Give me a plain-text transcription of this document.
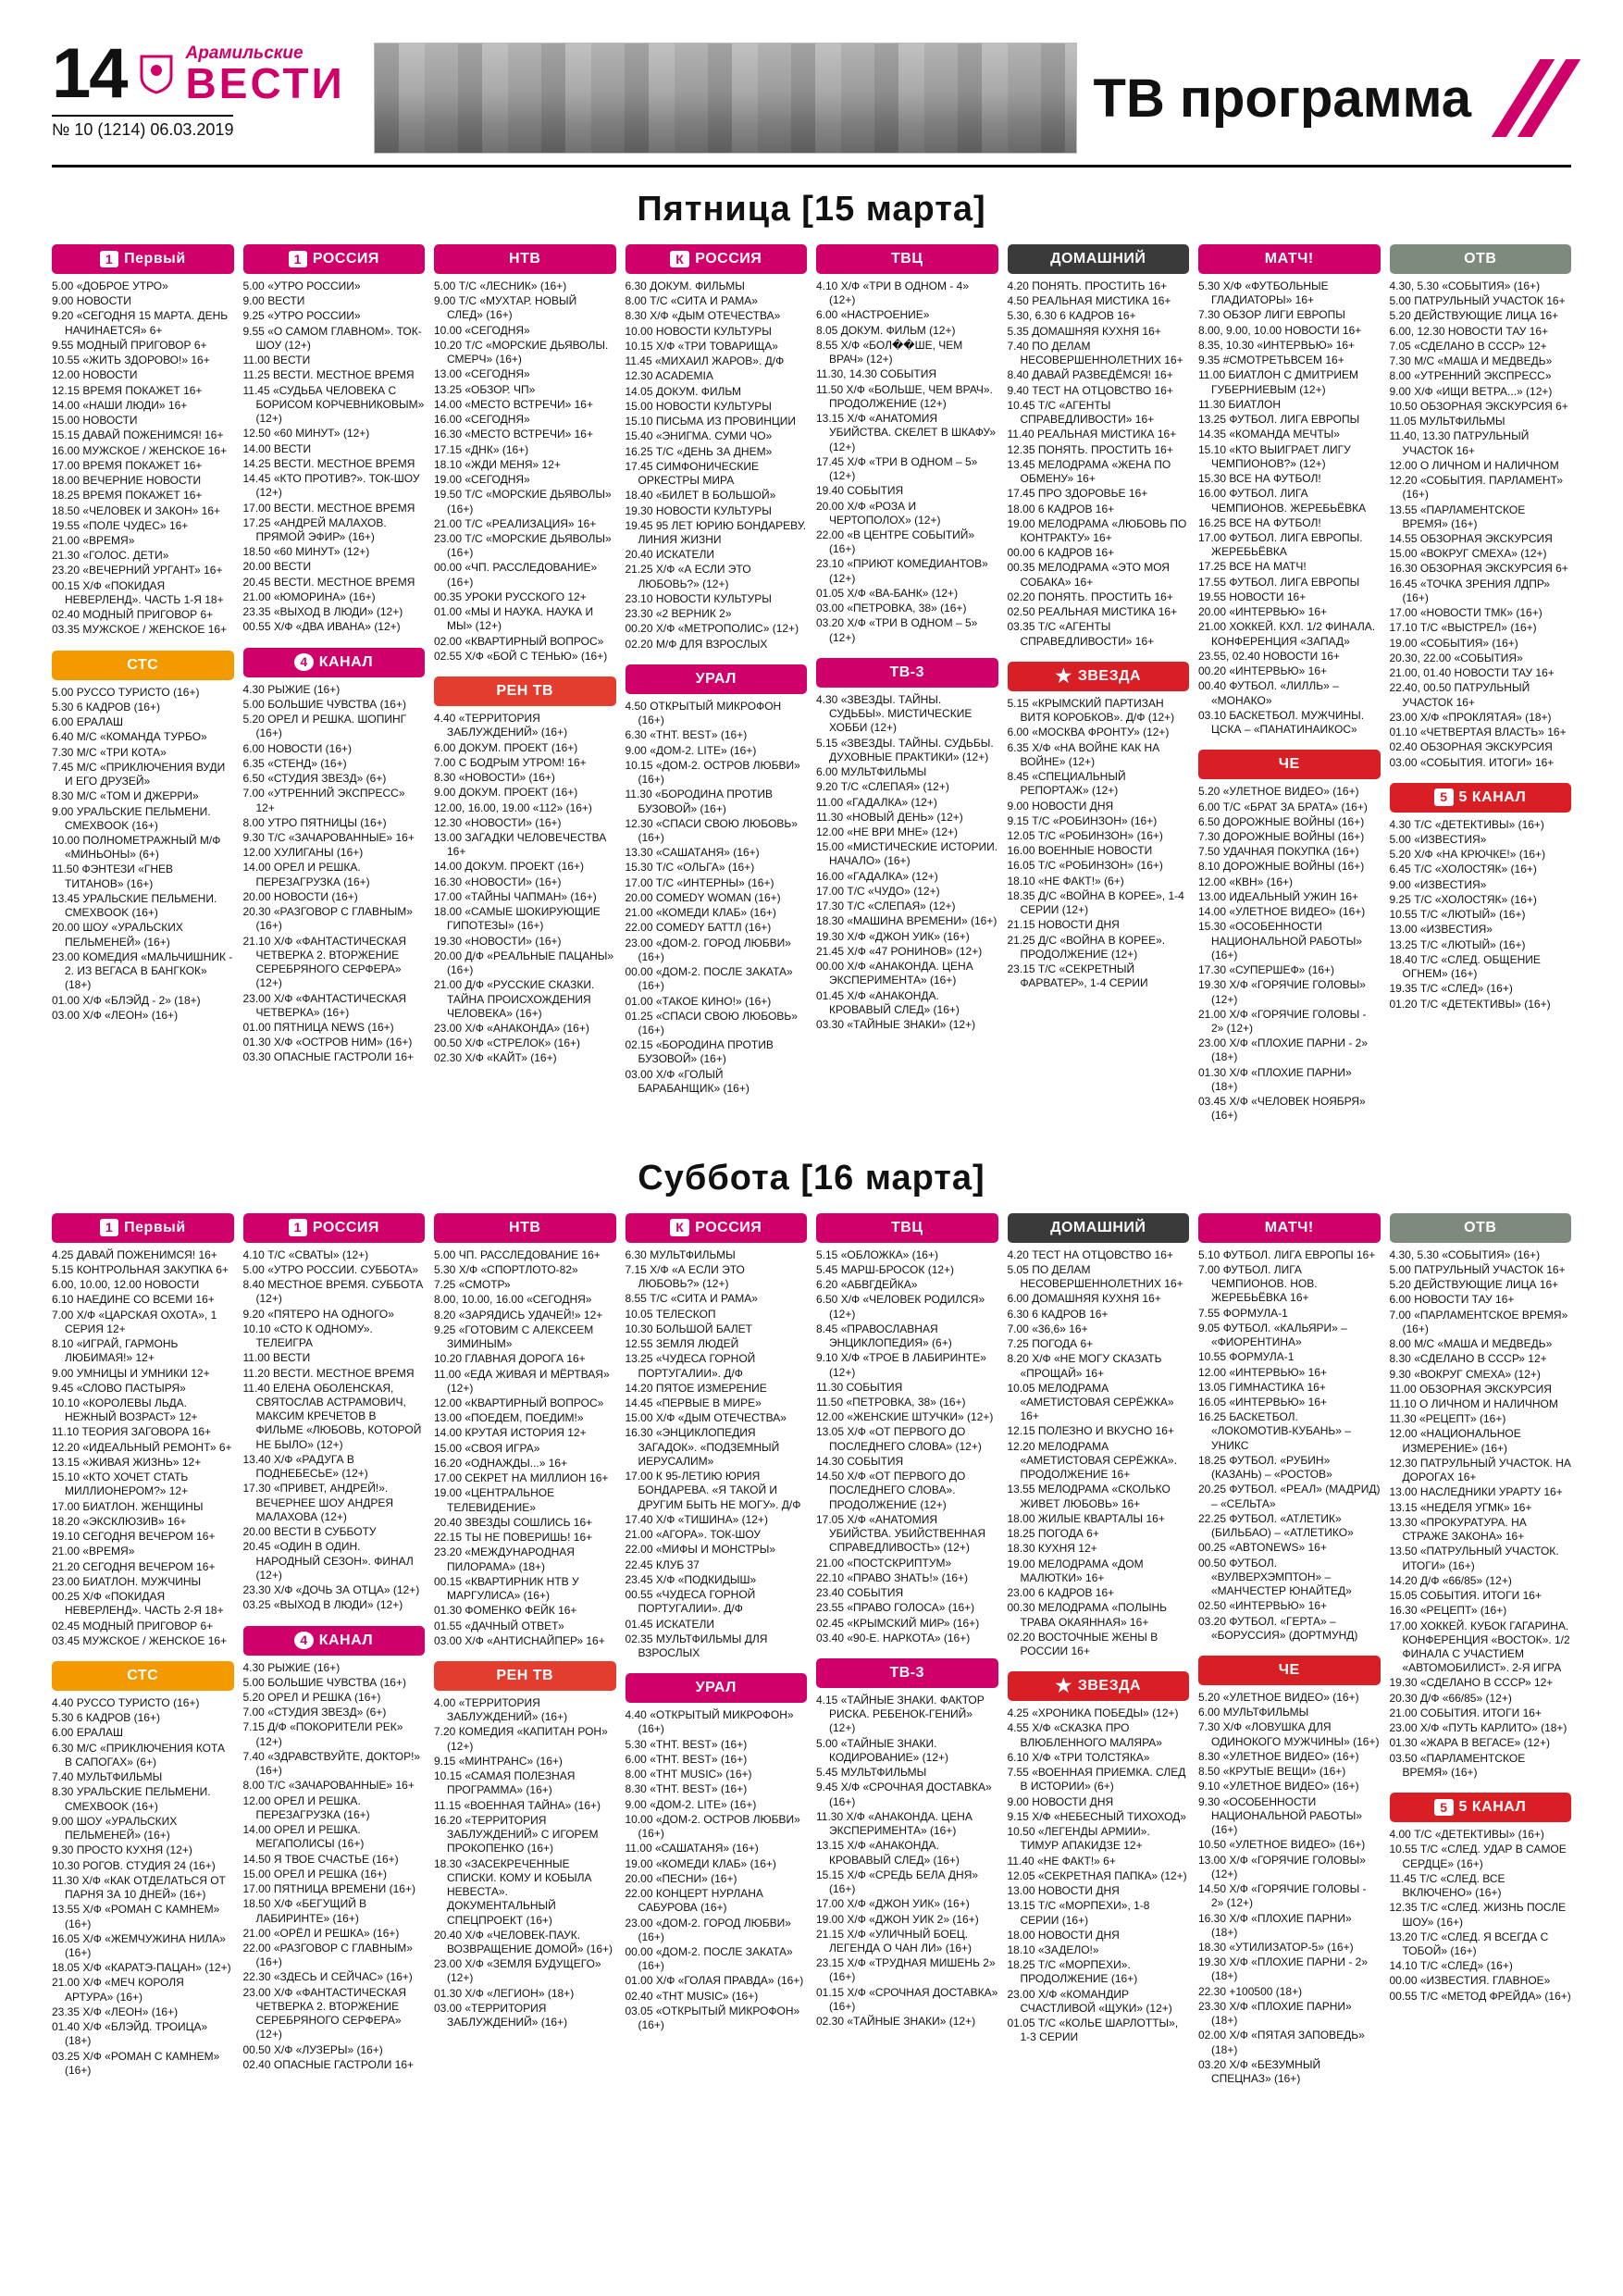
14	Арамильские
ВЕСТИ
№ 10 (1214) 06.03.2019
ТВ программа
Пятница [15 марта]
1 Первый
5.00 «ДОБРОЕ УТРО»
9.00 НОВОСТИ
9.20 «СЕГОДНЯ 15 МАРТА. ДЕНЬ НАЧИНАЕТСЯ» 6+
9.55 МОДНЫЙ ПРИГОВОР 6+
10.55 «ЖИТЬ ЗДОРОВО!» 16+
12.00 НОВОСТИ
12.15 ВРЕМЯ ПОКАЖЕТ 16+
14.00 «НАШИ ЛЮДИ» 16+
15.00 НОВОСТИ
15.15 ДАВАЙ ПОЖЕНИМСЯ! 16+
16.00 МУЖСКОЕ / ЖЕНСКОЕ 16+
17.00 ВРЕМЯ ПОКАЖЕТ 16+
18.00 ВЕЧЕРНИЕ НОВОСТИ
18.25 ВРЕМЯ ПОКАЖЕТ 16+
18.50 «ЧЕЛОВЕК И ЗАКОН» 16+
19.55 «ПОЛЕ ЧУДЕС» 16+
21.00 «ВРЕМЯ»
21.30 «ГОЛОС. ДЕТИ»
23.20 «ВЕЧЕРНИЙ УРГАНТ» 16+
00.15 Х/Ф «ПОКИДАЯ НЕВЕРЛЕНД». ЧАСТЬ 1-Я 18+
02.40 МОДНЫЙ ПРИГОВОР 6+
03.35 МУЖСКОЕ / ЖЕНСКОЕ 16+
СТС
5.00 РУССО ТУРИСТО (16+)
5.30 6 КАДРОВ (16+)
6.00 ЕРАЛАШ
6.40 М/С «КОМАНДА ТУРБО»
7.30 М/С «ТРИ КОТА»
7.45 М/С «ПРИКЛЮЧЕНИЯ ВУДИ И ЕГО ДРУЗЕЙ»
8.30 М/С «ТОМ И ДЖЕРРИ»
9.00 УРАЛЬСКИЕ ПЕЛЬМЕНИ. СМЕХBOOK (16+)
10.00 ПОЛНОМЕТРАЖНЫЙ М/Ф «МИНЬОНЫ» (6+)
11.50 ФЭНТЕЗИ «ГНЕВ ТИТАНОВ» (16+)
13.45 УРАЛЬСКИЕ ПЕЛЬМЕНИ. СМЕХBOOK (16+)
20.00 ШОУ «УРАЛЬСКИХ ПЕЛЬМЕНЕЙ» (16+)
23.00 КОМЕДИЯ «МАЛЬЧИШНИК - 2. ИЗ ВЕГАСА В БАНГКОК» (18+)
01.00 Х/Ф «БЛЭЙД - 2» (18+)
03.00 Х/Ф «ЛЕОН» (16+)
1 РОССИЯ
5.00 «УТРО РОССИИ»
9.00 ВЕСТИ
9.25 «УТРО РОССИИ»
9.55 «О САМОМ ГЛАВНОМ». ТОК-ШОУ (12+)
11.00 ВЕСТИ
11.25 ВЕСТИ. МЕСТНОЕ ВРЕМЯ
11.45 «СУДЬБА ЧЕЛОВЕКА С БОРИСОМ КОРЧЕВНИКОВЫМ» (12+)
12.50 «60 МИНУТ» (12+)
14.00 ВЕСТИ
14.25 ВЕСТИ. МЕСТНОЕ ВРЕМЯ
14.45 «КТО ПРОТИВ?». ТОК-ШОУ (12+)
17.00 ВЕСТИ. МЕСТНОЕ ВРЕМЯ
17.25 «АНДРЕЙ МАЛАХОВ. ПРЯМОЙ ЭФИР» (16+)
18.50 «60 МИНУТ» (12+)
20.00 ВЕСТИ
20.45 ВЕСТИ. МЕСТНОЕ ВРЕМЯ
21.00 «ЮМОРИНА» (16+)
23.35 «ВЫХОД В ЛЮДИ» (12+)
00.55 Х/Ф «ДВА ИВАНА» (12+)
4 КАНАЛ
4.30 РЫЖИЕ (16+)
5.00 БОЛЬШИЕ ЧУВСТВА (16+)
5.20 ОРЕЛ И РЕШКА. ШОПИНГ (16+)
6.00 НОВОСТИ (16+)
6.35 «СТЕНД» (16+)
6.50 «СТУДИЯ ЗВЕЗД» (6+)
7.00 «УТРЕННИЙ ЭКСПРЕСС» 12+
8.00 УТРО ПЯТНИЦЫ (16+)
9.30 Т/С «ЗАЧАРОВАННЫЕ» 16+
12.00 ХУЛИГАНЫ (16+)
14.00 ОРЕЛ И РЕШКА. ПЕРЕЗАГРУЗКА (16+)
20.00 НОВОСТИ (16+)
20.30 «РАЗГОВОР С ГЛАВНЫМ» (16+)
21.10 Х/Ф «ФАНТАСТИЧЕСКАЯ ЧЕТВЕРКА 2. ВТОРЖЕНИЕ СЕРЕБРЯНОГО СЕРФЕРА» (12+)
23.00 Х/Ф «ФАНТАСТИЧЕСКАЯ ЧЕТВЕРКА» (16+)
01.00 ПЯТНИЦА NEWS (16+)
01.30 Х/Ф «ОСТРОВ НИМ» (16+)
03.30 ОПАСНЫЕ ГАСТРОЛИ 16+
НТВ
5.00 Т/С «ЛЕСНИК» (16+)
9.00 Т/С «МУХТАР. НОВЫЙ СЛЕД» (16+)
10.00 «СЕГОДНЯ»
10.20 Т/С «МОРСКИЕ ДЬЯВОЛЫ. СМЕРЧ» (16+)
13.00 «СЕГОДНЯ»
13.25 «ОБЗОР. ЧП»
14.00 «МЕСТО ВСТРЕЧИ» 16+
16.00 «СЕГОДНЯ»
16.30 «МЕСТО ВСТРЕЧИ» 16+
17.15 «ДНК» (16+)
18.10 «ЖДИ МЕНЯ» 12+
19.00 «СЕГОДНЯ»
19.50 Т/С «МОРСКИЕ ДЬЯВОЛЫ» (16+)
21.00 Т/С «РЕАЛИЗАЦИЯ» 16+
23.00 Т/С «МОРСКИЕ ДЬЯВОЛЫ» (16+)
00.00 «ЧП. РАССЛЕДОВАНИЕ» (16+)
00.35 УРОКИ РУССКОГО 12+
01.00 «МЫ И НАУКА. НАУКА И МЫ» (12+)
02.00 «КВАРТИРНЫЙ ВОПРОС»
02.55 Х/Ф «БОЙ С ТЕНЬЮ» (16+)
РЕН ТВ
4.40 «ТЕРРИТОРИЯ ЗАБЛУЖДЕНИЙ» (16+)
6.00 ДОКУМ. ПРОЕКТ (16+)
7.00 С БОДРЫМ УТРОМ! 16+
8.30 «НОВОСТИ» (16+)
9.00 ДОКУМ. ПРОЕКТ (16+)
12.00, 16.00, 19.00 «112» (16+)
12.30 «НОВОСТИ» (16+)
13.00 ЗАГАДКИ ЧЕЛОВЕЧЕСТВА 16+
14.00 ДОКУМ. ПРОЕКТ (16+)
16.30 «НОВОСТИ» (16+)
17.00 «ТАЙНЫ ЧАПМАН» (16+)
18.00 «САМЫЕ ШОКИРУЮЩИЕ ГИПОТЕЗЫ» (16+)
19.30 «НОВОСТИ» (16+)
20.00 Д/Ф «РЕАЛЬНЫЕ ПАЦАНЫ» (16+)
21.00 Д/Ф «РУССКИЕ СКАЗКИ. ТАЙНА ПРОИСХОЖДЕНИЯ ЧЕЛОВЕКА» (16+)
23.00 Х/Ф «АНАКОНДА» (16+)
00.50 Х/Ф «СТРЕЛОК» (16+)
02.30 Х/Ф «КАЙТ» (16+)
К РОССИЯ
6.30 ДОКУМ. ФИЛЬМЫ
8.00 Т/С «СИТА И РАМА»
8.30 Х/Ф «ДЫМ ОТЕЧЕСТВА»
10.00 НОВОСТИ КУЛЬТУРЫ
10.15 Х/Ф «ТРИ ТОВАРИЩА»
11.45 «МИХАИЛ ЖАРОВ». Д/Ф
12.30 ACADEMIA
14.05 ДОКУМ. ФИЛЬМ
15.00 НОВОСТИ КУЛЬТУРЫ
15.10 ПИСЬМА ИЗ ПРОВИНЦИИ
15.40 «ЭНИГМА. СУМИ ЧО»
16.25 Т/С «ДЕНЬ ЗА ДНЕМ»
17.45 СИМФОНИЧЕСКИЕ ОРКЕСТРЫ МИРА
18.40 «БИЛЕТ В БОЛЬШОЙ»
19.30 НОВОСТИ КУЛЬТУРЫ
19.45 95 ЛЕТ ЮРИЮ БОНДАРЕВУ. ЛИНИЯ ЖИЗНИ
20.40 ИСКАТЕЛИ
21.25 Х/Ф «А ЕСЛИ ЭТО ЛЮБОВЬ?» (12+)
23.10 НОВОСТИ КУЛЬТУРЫ
23.30 «2 ВЕРНИК 2»
00.20 Х/Ф «МЕТРОПОЛИС» (12+)
02.20 М/Ф ДЛЯ ВЗРОСЛЫХ
УРАЛ
4.50 ОТКРЫТЫЙ МИКРОФОН (16+)
6.30 «ТНТ. BEST» (16+)
9.00 «ДОМ-2. LITE» (16+)
10.15 «ДОМ-2. ОСТРОВ ЛЮБВИ» (16+)
11.30 «БОРОДИНА ПРОТИВ БУЗОВОЙ» (16+)
12.30 «СПАСИ СВОЮ ЛЮБОВЬ» (16+)
13.30 «САШАТАНЯ» (16+)
15.30 Т/С «ОЛЬГА» (16+)
17.00 Т/С «ИНТЕРНЫ» (16+)
20.00 COMEDY WOMAN (16+)
21.00 «КОМЕДИ КЛАБ» (16+)
22.00 COMEDY БАТТЛ (16+)
23.00 «ДОМ-2. ГОРОД ЛЮБВИ» (16+)
00.00 «ДОМ-2. ПОСЛЕ ЗАКАТА» (16+)
01.00 «ТАКОЕ КИНО!» (16+)
01.25 «СПАСИ СВОЮ ЛЮБОВЬ» (16+)
02.15 «БОРОДИНА ПРОТИВ БУЗОВОЙ» (16+)
03.00 Х/Ф «ГОЛЫЙ БАРАБАНЩИК» (16+)
ТВЦ
4.10 Х/Ф «ТРИ В ОДНОМ - 4» (12+)
6.00 «НАСТРОЕНИЕ»
8.05 ДОКУМ. ФИЛЬМ (12+)
8.55 Х/Ф «БОЛ��ШЕ, ЧЕМ ВРАЧ» (12+)
11.30, 14.30 СОБЫТИЯ
11.50 Х/Ф «БОЛЬШЕ, ЧЕМ ВРАЧ». ПРОДОЛЖЕНИЕ (12+)
13.15 Х/Ф «АНАТОМИЯ УБИЙСТВА. СКЕЛЕТ В ШКАФУ» (12+)
17.45 Х/Ф «ТРИ В ОДНОМ – 5» (12+)
19.40 СОБЫТИЯ
20.00 Х/Ф «РОЗА И ЧЕРТОПОЛОХ» (12+)
22.00 «В ЦЕНТРЕ СОБЫТИЙ» (16+)
23.10 «ПРИЮТ КОМЕДИАНТОВ» (12+)
01.05 Х/Ф «ВА-БАНК» (12+)
03.00 «ПЕТРОВКА, 38» (16+)
03.20 Х/Ф «ТРИ В ОДНОМ – 5» (12+)
ТВ-3
4.30 «ЗВЕЗДЫ. ТАЙНЫ. СУДЬБЫ». МИСТИЧЕСКИЕ ХОББИ (12+)
5.15 «ЗВЕЗДЫ. ТАЙНЫ. СУДЬБЫ. ДУХОВНЫЕ ПРАКТИКИ» (12+)
6.00 МУЛЬТФИЛЬМЫ
9.20 Т/С «СЛЕПАЯ» (12+)
11.00 «ГАДАЛКА» (12+)
11.30 «НОВЫЙ ДЕНЬ» (12+)
12.00 «НЕ ВРИ МНЕ» (12+)
15.00 «МИСТИЧЕСКИЕ ИСТОРИИ. НАЧАЛО» (16+)
16.00 «ГАДАЛКА» (12+)
17.00 Т/С «ЧУДО» (12+)
17.30 Т/С «СЛЕПАЯ» (12+)
18.30 «МАШИНА ВРЕМЕНИ» (16+)
19.30 Х/Ф «ДЖОН УИК» (16+)
21.45 Х/Ф «47 РОНИНОВ» (12+)
00.00 Х/Ф «АНАКОНДА. ЦЕНА ЭКСПЕРИМЕНТА» (16+)
01.45 Х/Ф «АНАКОНДА. КРОВАВЫЙ СЛЕД» (16+)
03.30 «ТАЙНЫЕ ЗНАКИ» (12+)
ДОМАШНИЙ
4.20 ПОНЯТЬ. ПРОСТИТЬ 16+
4.50 РЕАЛЬНАЯ МИСТИКА 16+
5.30, 6.30 6 КАДРОВ 16+
5.35 ДОМАШНЯЯ КУХНЯ 16+
7.40 ПО ДЕЛАМ НЕСОВЕРШЕННОЛЕТНИХ 16+
8.40 ДАВАЙ РАЗВЕДЁМСЯ! 16+
9.40 ТЕСТ НА ОТЦОВСТВО 16+
10.45 Т/С «АГЕНТЫ СПРАВЕДЛИВОСТИ» 16+
11.40 РЕАЛЬНАЯ МИСТИКА 16+
12.35 ПОНЯТЬ. ПРОСТИТЬ 16+
13.45 МЕЛОДРАМА «ЖЕНА ПО ОБМЕНУ» 16+
17.45 ПРО ЗДОРОВЬЕ 16+
18.00 6 КАДРОВ 16+
19.00 МЕЛОДРАМА «ЛЮБОВЬ ПО КОНТРАКТУ» 16+
00.00 6 КАДРОВ 16+
00.35 МЕЛОДРАМА «ЭТО МОЯ СОБАКА» 16+
02.20 ПОНЯТЬ. ПРОСТИТЬ 16+
02.50 РЕАЛЬНАЯ МИСТИКА 16+
03.35 Т/С «АГЕНТЫ СПРАВЕДЛИВОСТИ» 16+
★ ЗВЕЗДА
5.15 «КРЫМСКИЙ ПАРТИЗАН ВИТЯ КОРОБКОВ». Д/Ф (12+)
6.00 «МОСКВА ФРОНТУ» (12+)
6.35 Х/Ф «НА ВОЙНЕ КАК НА ВОЙНЕ» (12+)
8.45 «СПЕЦИАЛЬНЫЙ РЕПОРТАЖ» (12+)
9.00 НОВОСТИ ДНЯ
9.15 Т/С «РОБИНЗОН» (16+)
12.05 Т/С «РОБИНЗОН» (16+)
16.00 ВОЕННЫЕ НОВОСТИ
16.05 Т/С «РОБИНЗОН» (16+)
18.10 «НЕ ФАКТ!» (6+)
18.35 Д/С «ВОЙНА В КОРЕЕ», 1-4 СЕРИИ (12+)
21.15 НОВОСТИ ДНЯ
21.25 Д/С «ВОЙНА В КОРЕЕ». ПРОДОЛЖЕНИЕ (12+)
23.15 Т/С «СЕКРЕТНЫЙ ФАРВАТЕР», 1-4 СЕРИИ
МАТЧ!
5.30 Х/Ф «ФУТБОЛЬНЫЕ ГЛАДИАТОРЫ» 16+
7.30 ОБЗОР ЛИГИ ЕВРОПЫ
8.00, 9.00, 10.00 НОВОСТИ 16+
8.35, 10.30 «ИНТЕРВЬЮ» 16+
9.35 #СМОТРЕТЬВСЕМ 16+
11.00 БИАТЛОН С ДМИТРИЕМ ГУБЕРНИЕВЫМ (12+)
11.30 БИАТЛОН
13.25 ФУТБОЛ. ЛИГА ЕВРОПЫ
14.35 «КОМАНДА МЕЧТЫ»
15.10 «КТО ВЫИГРАЕТ ЛИГУ ЧЕМПИОНОВ?» (12+)
15.30 ВСЕ НА ФУТБОЛ!
16.00 ФУТБОЛ. ЛИГА ЧЕМПИОНОВ. ЖЕРЕБЬЁВКА
16.25 ВСЕ НА ФУТБОЛ!
17.00 ФУТБОЛ. ЛИГА ЕВРОПЫ. ЖЕРЕБЬЁВКА
17.25 ВСЕ НА МАТЧ!
17.55 ФУТБОЛ. ЛИГА ЕВРОПЫ
19.55 НОВОСТИ 16+
20.00 «ИНТЕРВЬЮ» 16+
21.00 ХОККЕЙ. КХЛ. 1/2 ФИНАЛА. КОНФЕРЕНЦИЯ «ЗАПАД»
23.55, 02.40 НОВОСТИ 16+
00.20 «ИНТЕРВЬЮ» 16+
00.40 ФУТБОЛ. «ЛИЛЛЬ» – «МОНАКО»
03.10 БАСКЕТБОЛ. МУЖЧИНЫ. ЦСКА – «ПАНАТИНАИКОС»
ЧЕ
5.20 «УЛЕТНОЕ ВИДЕО» (16+)
6.00 Т/С «БРАТ ЗА БРАТА» (16+)
6.50 ДОРОЖНЫЕ ВОЙНЫ (16+)
7.30 ДОРОЖНЫЕ ВОЙНЫ (16+)
7.50 УДАЧНАЯ ПОКУПКА (16+)
8.10 ДОРОЖНЫЕ ВОЙНЫ (16+)
12.00 «КВН» (16+)
13.00 ИДЕАЛЬНЫЙ УЖИН 16+
14.00 «УЛЕТНОЕ ВИДЕО» (16+)
15.30 «ОСОБЕННОСТИ НАЦИОНАЛЬНОЙ РАБОТЫ» (16+)
17.30 «СУПЕРШЕФ» (16+)
19.30 Х/Ф «ГОРЯЧИЕ ГОЛОВЫ» (12+)
21.00 Х/Ф «ГОРЯЧИЕ ГОЛОВЫ - 2» (12+)
23.00 Х/Ф «ПЛОХИЕ ПАРНИ - 2» (18+)
01.30 Х/Ф «ПЛОХИЕ ПАРНИ» (18+)
03.45 Х/Ф «ЧЕЛОВЕК НОЯБРЯ» (16+)
ОТВ
4.30, 5.30 «СОБЫТИЯ» (16+)
5.00 ПАТРУЛЬНЫЙ УЧАСТОК 16+
5.20 ДЕЙСТВУЮЩИЕ ЛИЦА 16+
6.00, 12.30 НОВОСТИ ТАУ 16+
7.05 «СДЕЛАНО В СССР» 12+
7.30 М/С «МАША И МЕДВЕДЬ»
8.00 «УТРЕННИЙ ЭКСПРЕСС»
9.00 Х/Ф «ИЩИ ВЕТРА...» (12+)
10.50 ОБЗОРНАЯ ЭКСКУРСИЯ 6+
11.05 МУЛЬТФИЛЬМЫ
11.40, 13.30 ПАТРУЛЬНЫЙ УЧАСТОК 16+
12.00 О ЛИЧНОМ И НАЛИЧНОМ
12.20 «СОБЫТИЯ. ПАРЛАМЕНТ» (16+)
13.55 «ПАРЛАМЕНТСКОЕ ВРЕМЯ» (16+)
14.55 ОБЗОРНАЯ ЭКСКУРСИЯ
15.00 «ВОКРУГ СМЕХА» (12+)
16.30 ОБЗОРНАЯ ЭКСКУРСИЯ 6+
16.45 «ТОЧКА ЗРЕНИЯ ЛДПР» (16+)
17.00 «НОВОСТИ ТМК» (16+)
17.10 Т/С «ВЫСТРЕЛ» (16+)
19.00 «СОБЫТИЯ» (16+)
20.30, 22.00 «СОБЫТИЯ»
21.00, 01.40 НОВОСТИ ТАУ 16+
22.40, 00.50 ПАТРУЛЬНЫЙ УЧАСТОК 16+
23.00 Х/Ф «ПРОКЛЯТАЯ» (18+)
01.10 «ЧЕТВЕРТАЯ ВЛАСТЬ» 16+
02.40 ОБЗОРНАЯ ЭКСКУРСИЯ
03.00 «СОБЫТИЯ. ИТОГИ» 16+
5 5 КАНАЛ
4.30 Т/С «ДЕТЕКТИВЫ» (16+)
5.00 «ИЗВЕСТИЯ»
5.20 Х/Ф «НА КРЮЧКЕ!» (16+)
6.45 Т/С «ХОЛОСТЯК» (16+)
9.00 «ИЗВЕСТИЯ»
9.25 Т/С «ХОЛОСТЯК» (16+)
10.55 Т/С «ЛЮТЫЙ» (16+)
13.00 «ИЗВЕСТИЯ»
13.25 Т/С «ЛЮТЫЙ» (16+)
18.40 Т/С «СЛЕД. ОБЩЕНИЕ ОГНЕМ» (16+)
19.35 Т/С «СЛЕД» (16+)
01.20 Т/С «ДЕТЕКТИВЫ» (16+)
Суббота [16 марта]
1 Первый
4.25 ДАВАЙ ПОЖЕНИМСЯ! 16+
5.15 КОНТРОЛЬНАЯ ЗАКУПКА 6+
6.00, 10.00, 12.00 НОВОСТИ
6.10 НАЕДИНЕ СО ВСЕМИ 16+
7.00 Х/Ф «ЦАРСКАЯ ОХОТА», 1 СЕРИЯ 12+
8.10 «ИГРАЙ, ГАРМОНЬ ЛЮБИМАЯ!» 12+
9.00 УМНИЦЫ И УМНИКИ 12+
9.45 «СЛОВО ПАСТЫРЯ»
10.10 «КОРОЛЕВЫ ЛЬДА. НЕЖНЫЙ ВОЗРАСТ» 12+
11.10 ТЕОРИЯ ЗАГОВОРА 16+
12.20 «ИДЕАЛЬНЫЙ РЕМОНТ» 6+
13.15 «ЖИВАЯ ЖИЗНЬ» 12+
15.10 «КТО ХОЧЕТ СТАТЬ МИЛЛИОНЕРОМ?» 12+
17.00 БИАТЛОН. ЖЕНЩИНЫ
18.20 «ЭКСКЛЮЗИВ» 16+
19.10 СЕГОДНЯ ВЕЧЕРОМ 16+
21.00 «ВРЕМЯ»
21.20 СЕГОДНЯ ВЕЧЕРОМ 16+
23.00 БИАТЛОН. МУЖЧИНЫ
00.25 Х/Ф «ПОКИДАЯ НЕВЕРЛЕНД». ЧАСТЬ 2-Я 18+
02.45 МОДНЫЙ ПРИГОВОР 6+
03.45 МУЖСКОЕ / ЖЕНСКОЕ 16+
СТС
4.40 РУССО ТУРИСТО (16+)
5.30 6 КАДРОВ (16+)
6.00 ЕРАЛАШ
6.30 М/С «ПРИКЛЮЧЕНИЯ КОТА В САПОГАХ» (6+)
7.40 МУЛЬТФИЛЬМЫ
8.30 УРАЛЬСКИЕ ПЕЛЬМЕНИ. СМЕХBOOK (16+)
9.00 ШОУ «УРАЛЬСКИХ ПЕЛЬМЕНЕЙ» (16+)
9.30 ПРОСТО КУХНЯ (12+)
10.30 РОГОВ. СТУДИЯ 24 (16+)
11.30 Х/Ф «КАК ОТДЕЛАТЬСЯ ОТ ПАРНЯ ЗА 10 ДНЕЙ» (16+)
13.55 Х/Ф «РОМАН С КАМНЕМ» (16+)
16.05 Х/Ф «ЖЕМЧУЖИНА НИЛА» (16+)
18.05 Х/Ф «КАРАТЭ-ПАЦАН» (12+)
21.00 Х/Ф «МЕЧ КОРОЛЯ АРТУРА» (16+)
23.35 Х/Ф «ЛЕОН» (16+)
01.40 Х/Ф «БЛЭЙД. ТРОИЦА» (18+)
03.25 Х/Ф «РОМАН С КАМНЕМ» (16+)
1 РОССИЯ
4.10 Т/С «СВАТЫ» (12+)
5.00 «УТРО РОССИИ. СУББОТА»
8.40 МЕСТНОЕ ВРЕМЯ. СУББОТА (12+)
9.20 «ПЯТЕРО НА ОДНОГО»
10.10 «СТО К ОДНОМУ». ТЕЛЕИГРА
11.00 ВЕСТИ
11.20 ВЕСТИ. МЕСТНОЕ ВРЕМЯ
11.40 ЕЛЕНА ОБОЛЕНСКАЯ, СВЯТОСЛАВ АСТРАМОВИЧ, МАКСИМ КРЕЧЕТОВ В ФИЛЬМЕ «ЛЮБОВЬ, КОТОРОЙ НЕ БЫЛО» (12+)
13.40 Х/Ф «РАДУГА В ПОДНЕБЕСЬЕ» (12+)
17.30 «ПРИВЕТ, АНДРЕЙ!». ВЕЧЕРНЕЕ ШОУ АНДРЕЯ МАЛАХОВА (12+)
20.00 ВЕСТИ В СУББОТУ
20.45 «ОДИН В ОДИН. НАРОДНЫЙ СЕЗОН». ФИНАЛ (12+)
23.30 Х/Ф «ДОЧЬ ЗА ОТЦА» (12+)
03.25 «ВЫХОД В ЛЮДИ» (12+)
4 КАНАЛ
4.30 РЫЖИЕ (16+)
5.00 БОЛЬШИЕ ЧУВСТВА (16+)
5.20 ОРЕЛ И РЕШКА (16+)
7.00 «СТУДИЯ ЗВЕЗД» (6+)
7.15 Д/Ф «ПОКОРИТЕЛИ РЕК» (12+)
7.40 «ЗДРАВСТВУЙТЕ, ДОКТОР!» (16+)
8.00 Т/С «ЗАЧАРОВАННЫЕ» 16+
12.00 ОРЕЛ И РЕШКА. ПЕРЕЗАГРУЗКА (16+)
14.00 ОРЕЛ И РЕШКА. МЕГАПОЛИСЫ (16+)
14.50 Я ТВОЕ СЧАСТЬЕ (16+)
15.00 ОРЕЛ И РЕШКА (16+)
17.00 ПЯТНИЦА ВРЕМЕНИ (16+)
18.50 Х/Ф «БЕГУЩИЙ В ЛАБИРИНТЕ» (16+)
21.00 «ОРЁЛ И РЕШКА» (16+)
22.00 «РАЗГОВОР С ГЛАВНЫМ» (16+)
22.30 «ЗДЕСЬ И СЕЙЧАС» (16+)
23.00 Х/Ф «ФАНТАСТИЧЕСКАЯ ЧЕТВЕРКА 2. ВТОРЖЕНИЕ СЕРЕБРЯНОГО СЕРФЕРА» (12+)
00.50 Х/Ф «ЛУЗЕРЫ» (16+)
02.40 ОПАСНЫЕ ГАСТРОЛИ 16+
НТВ
5.00 ЧП. РАССЛЕДОВАНИЕ 16+
5.30 Х/Ф «СПОРТЛОТО-82»
7.25 «СМОТР»
8.00, 10.00, 16.00 «СЕГОДНЯ»
8.20 «ЗАРЯДИСЬ УДАЧЕЙ!» 12+
9.25 «ГОТОВИМ С АЛЕКСЕЕМ ЗИМИНЫМ»
10.20 ГЛАВНАЯ ДОРОГА 16+
11.00 «ЕДА ЖИВАЯ И МЁРТВАЯ» (12+)
12.00 «КВАРТИРНЫЙ ВОПРОС»
13.00 «ПОЕДЕМ, ПОЕДИМ!»
14.00 КРУТАЯ ИСТОРИЯ 12+
15.00 «СВОЯ ИГРА»
16.20 «ОДНАЖДЫ...» 16+
17.00 СЕКРЕТ НА МИЛЛИОН 16+
19.00 «ЦЕНТРАЛЬНОЕ ТЕЛЕВИДЕНИЕ»
20.40 ЗВЕЗДЫ СОШЛИСЬ 16+
22.15 ТЫ НЕ ПОВЕРИШЬ! 16+
23.20 «МЕЖДУНАРОДНАЯ ПИЛОРАМА» (18+)
00.15 «КВАРТИРНИК НТВ У МАРГУЛИСА» (16+)
01.30 ФОМЕНКО ФЕЙК 16+
01.55 «ДАЧНЫЙ ОТВЕТ»
03.00 Х/Ф «АНТИСНАЙПЕР» 16+
РЕН ТВ
4.00 «ТЕРРИТОРИЯ ЗАБЛУЖДЕНИЙ» (16+)
7.20 КОМЕДИЯ «КАПИТАН РОН» (12+)
9.15 «МИНТРАНС» (16+)
10.15 «САМАЯ ПОЛЕЗНАЯ ПРОГРАММА» (16+)
11.15 «ВОЕННАЯ ТАЙНА» (16+)
16.20 «ТЕРРИТОРИЯ ЗАБЛУЖДЕНИЙ» С ИГОРЕМ ПРОКОПЕНКО (16+)
18.30 «ЗАСЕКРЕЧЕННЫЕ СПИСКИ. КОМУ И КОБЫЛА НЕВЕСТА». ДОКУМЕНТАЛЬНЫЙ СПЕЦПРОЕКТ (16+)
20.40 Х/Ф «ЧЕЛОВЕК-ПАУК. ВОЗВРАЩЕНИЕ ДОМОЙ» (16+)
23.00 Х/Ф «ЗЕМЛЯ БУДУЩЕГО» (12+)
01.30 Х/Ф «ЛЕГИОН» (18+)
03.00 «ТЕРРИТОРИЯ ЗАБЛУЖДЕНИЙ» (16+)
К РОССИЯ
6.30 МУЛЬТФИЛЬМЫ
7.15 Х/Ф «А ЕСЛИ ЭТО ЛЮБОВЬ?» (12+)
8.55 Т/С «СИТА И РАМА»
10.05 ТЕЛЕСКОП
10.30 БОЛЬШОЙ БАЛЕТ
12.55 ЗЕМЛЯ ЛЮДЕЙ
13.25 «ЧУДЕСА ГОРНОЙ ПОРТУГАЛИИ». Д/Ф
14.20 ПЯТОЕ ИЗМЕРЕНИЕ
14.45 «ПЕРВЫЕ В МИРЕ»
15.00 Х/Ф «ДЫМ ОТЕЧЕСТВА»
16.30 «ЭНЦИКЛОПЕДИЯ ЗАГАДОК». «ПОДЗЕМНЫЙ ИЕРУСАЛИМ»
17.00 К 95-ЛЕТИЮ ЮРИЯ БОНДАРЕВА. «Я ТАКОЙ И ДРУГИМ БЫТЬ НЕ МОГУ». Д/Ф
17.40 Х/Ф «ТИШИНА» (12+)
21.00 «АГОРА». ТОК-ШОУ
22.00 «МИФЫ И МОНСТРЫ»
22.45 КЛУБ 37
23.45 Х/Ф «ПОДКИДЫШ»
00.55 «ЧУДЕСА ГОРНОЙ ПОРТУГАЛИИ». Д/Ф
01.45 ИСКАТЕЛИ
02.35 МУЛЬТФИЛЬМЫ ДЛЯ ВЗРОСЛЫХ
УРАЛ
4.40 «ОТКРЫТЫЙ МИКРОФОН» (16+)
5.30 «ТНТ. BEST» (16+)
6.00 «ТНТ. BEST» (16+)
8.00 «ТНТ MUSIC» (16+)
8.30 «ТНТ. BEST» (16+)
9.00 «ДОМ-2. LITE» (16+)
10.00 «ДОМ-2. ОСТРОВ ЛЮБВИ» (16+)
11.00 «САШАТАНЯ» (16+)
19.00 «КОМЕДИ КЛАБ» (16+)
20.00 «ПЕСНИ» (16+)
22.00 КОНЦЕРТ НУРЛАНА САБУРОВА (16+)
23.00 «ДОМ-2. ГОРОД ЛЮБВИ» (16+)
00.00 «ДОМ-2. ПОСЛЕ ЗАКАТА» (16+)
01.00 Х/Ф «ГОЛАЯ ПРАВДА» (16+)
02.40 «ТНТ MUSIC» (16+)
03.05 «ОТКРЫТЫЙ МИКРОФОН» (16+)
ТВЦ
5.15 «ОБЛОЖКА» (16+)
5.45 МАРШ-БРОСОК (12+)
6.20 «АБВГДЕЙКА»
6.50 Х/Ф «ЧЕЛОВЕК РОДИЛСЯ» (12+)
8.45 «ПРАВОСЛАВНАЯ ЭНЦИКЛОПЕДИЯ» (6+)
9.10 Х/Ф «ТРОЕ В ЛАБИРИНТЕ» (12+)
11.30 СОБЫТИЯ
11.50 «ПЕТРОВКА, 38» (16+)
12.00 «ЖЕНСКИЕ ШТУЧКИ» (12+)
13.05 Х/Ф «ОТ ПЕРВОГО ДО ПОСЛЕДНЕГО СЛОВА» (12+)
14.30 СОБЫТИЯ
14.50 Х/Ф «ОТ ПЕРВОГО ДО ПОСЛЕДНЕГО СЛОВА». ПРОДОЛЖЕНИЕ (12+)
17.05 Х/Ф «АНАТОМИЯ УБИЙСТВА. УБИЙСТВЕННАЯ СПРАВЕДЛИВОСТЬ» (12+)
21.00 «ПОСТСКРИПТУМ»
22.10 «ПРАВО ЗНАТЬ!» (16+)
23.40 СОБЫТИЯ
23.55 «ПРАВО ГОЛОСА» (16+)
02.45 «КРЫМСКИЙ МИР» (16+)
03.40 «90-Е. НАРКОТА» (16+)
ТВ-3
4.15 «ТАЙНЫЕ ЗНАКИ. ФАКТОР РИСКА. РЕБЕНОК-ГЕНИЙ» (12+)
5.00 «ТАЙНЫЕ ЗНАКИ. КОДИРОВАНИЕ» (12+)
5.45 МУЛЬТФИЛЬМЫ
9.45 Х/Ф «СРОЧНАЯ ДОСТАВКА» (16+)
11.30 Х/Ф «АНАКОНДА. ЦЕНА ЭКСПЕРИМЕНТА» (16+)
13.15 Х/Ф «АНАКОНДА. КРОВАВЫЙ СЛЕД» (16+)
15.15 Х/Ф «СРЕДЬ БЕЛА ДНЯ» (16+)
17.00 Х/Ф «ДЖОН УИК» (16+)
19.00 Х/Ф «ДЖОН УИК 2» (16+)
21.15 Х/Ф «УЛИЧНЫЙ БОЕЦ. ЛЕГЕНДА О ЧАН ЛИ» (16+)
23.15 Х/Ф «ТРУДНАЯ МИШЕНЬ 2» (16+)
01.15 Х/Ф «СРОЧНАЯ ДОСТАВКА» (16+)
02.30 «ТАЙНЫЕ ЗНАКИ» (12+)
ДОМАШНИЙ
4.20 ТЕСТ НА ОТЦОВСТВО 16+
5.05 ПО ДЕЛАМ НЕСОВЕРШЕННОЛЕТНИХ 16+
6.00 ДОМАШНЯЯ КУХНЯ 16+
6.30 6 КАДРОВ 16+
7.00 «36,6» 16+
7.25 ПОГОДА 6+
8.20 Х/Ф «НЕ МОГУ СКАЗАТЬ «ПРОЩАЙ» 16+
10.05 МЕЛОДРАМА «АМЕТИСТОВАЯ СЕРЁЖКА» 16+
12.15 ПОЛЕЗНО И ВКУСНО 16+
12.20 МЕЛОДРАМА «АМЕТИСТОВАЯ СЕРЁЖКА». ПРОДОЛЖЕНИЕ 16+
13.55 МЕЛОДРАМА «СКОЛЬКО ЖИВЕТ ЛЮБОВЬ» 16+
18.00 ЖИЛЫЕ КВАРТАЛЫ 16+
18.25 ПОГОДА 6+
18.30 КУХНЯ 12+
19.00 МЕЛОДРАМА «ДОМ МАЛЮТКИ» 16+
23.00 6 КАДРОВ 16+
00.30 МЕЛОДРАМА «ПОЛЫНЬ ТРАВА ОКАЯННАЯ» 16+
02.20 ВОСТОЧНЫЕ ЖЕНЫ В РОССИИ 16+
★ ЗВЕЗДА
4.25 «ХРОНИКА ПОБЕДЫ» (12+)
4.55 Х/Ф «СКАЗКА ПРО ВЛЮБЛЕННОГО МАЛЯРА»
6.10 Х/Ф «ТРИ ТОЛСТЯКА»
7.55 «ВОЕННАЯ ПРИЕМКА. СЛЕД В ИСТОРИИ» (6+)
9.00 НОВОСТИ ДНЯ
9.15 Х/Ф «НЕБЕСНЫЙ ТИХОХОД»
10.50 «ЛЕГЕНДЫ АРМИИ». ТИМУР АПАКИДЗЕ 12+
11.40 «НЕ ФАКТ!» 6+
12.05 «СЕКРЕТНАЯ ПАПКА» (12+)
13.00 НОВОСТИ ДНЯ
13.15 Т/С «МОРПЕХИ», 1-8 СЕРИИ (16+)
18.00 НОВОСТИ ДНЯ
18.10 «ЗАДЕЛО!»
18.25 Т/С «МОРПЕХИ». ПРОДОЛЖЕНИЕ (16+)
23.00 Х/Ф «КОМАНДИР СЧАСТЛИВОЙ «ЩУКИ» (12+)
01.05 Т/С «КОЛЬЕ ШАРЛОТТЫ», 1-3 СЕРИИ
МАТЧ!
5.10 ФУТБОЛ. ЛИГА ЕВРОПЫ 16+
7.00 ФУТБОЛ. ЛИГА ЧЕМПИОНОВ. НОВ. ЖЕРЕБЬЁВКА 16+
7.55 ФОРМУЛА-1
9.05 ФУТБОЛ. «КАЛЬЯРИ» – «ФИОРЕНТИНА»
10.55 ФОРМУЛА-1
12.00 «ИНТЕРВЬЮ» 16+
13.05 ГИМНАСТИКА 16+
16.05 «ИНТЕРВЬЮ» 16+
16.25 БАСКЕТБОЛ. «ЛОКОМОТИВ-КУБАНЬ» – УНИКС
18.25 ФУТБОЛ. «РУБИН» (КАЗАНЬ) – «РОСТОВ»
20.25 ФУТБОЛ. «РЕАЛ» (МАДРИД) – «СЕЛЬТА»
22.25 ФУТБОЛ. «АТЛЕТИК» (БИЛЬБАО) – «АТЛЕТИКО»
00.25 «ABTONEWS» 16+
00.50 ФУТБОЛ. «ВУЛВЕРХЭМПТОН» – «МАНЧЕСТЕР ЮНАЙТЕД»
02.50 «ИНТЕРВЬЮ» 16+
03.20 ФУТБОЛ. «ГЕРТА» – «БОРУССИЯ» (ДОРТМУНД)
ЧЕ
5.20 «УЛЕТНОЕ ВИДЕО» (16+)
6.00 МУЛЬТФИЛЬМЫ
7.30 Х/Ф «ЛОВУШКА ДЛЯ ОДИНОКОГО МУЖЧИНЫ» (16+)
8.30 «УЛЕТНОЕ ВИДЕО» (16+)
8.50 «КРУТЫЕ ВЕЩИ» (16+)
9.10 «УЛЕТНОЕ ВИДЕО» (16+)
9.30 «ОСОБЕННОСТИ НАЦИОНАЛЬНОЙ РАБОТЫ» (16+)
10.50 «УЛЕТНОЕ ВИДЕО» (16+)
13.00 Х/Ф «ГОРЯЧИЕ ГОЛОВЫ» (12+)
14.50 Х/Ф «ГОРЯЧИЕ ГОЛОВЫ - 2» (12+)
16.30 Х/Ф «ПЛОХИЕ ПАРНИ» (18+)
18.30 «УТИЛИЗАТОР-5» (16+)
19.30 Х/Ф «ПЛОХИЕ ПАРНИ - 2» (18+)
22.30 +100500 (18+)
23.30 Х/Ф «ПЛОХИЕ ПАРНИ» (18+)
02.00 Х/Ф «ПЯТАЯ ЗАПОВЕДЬ» (18+)
03.20 Х/Ф «БЕЗУМНЫЙ СПЕЦНАЗ» (16+)
ОТВ
4.30, 5.30 «СОБЫТИЯ» (16+)
5.00 ПАТРУЛЬНЫЙ УЧАСТОК 16+
5.20 ДЕЙСТВУЮЩИЕ ЛИЦА 16+
6.00 НОВОСТИ ТАУ 16+
7.00 «ПАРЛАМЕНТСКОЕ ВРЕМЯ» (16+)
8.00 М/С «МАША И МЕДВЕДЬ»
8.30 «СДЕЛАНО В СССР» 12+
9.30 «ВОКРУГ СМЕХА» (12+)
11.00 ОБЗОРНАЯ ЭКСКУРСИЯ
11.10 О ЛИЧНОМ И НАЛИЧНОМ
11.30 «РЕЦЕПТ» (16+)
12.00 «НАЦИОНАЛЬНОЕ ИЗМЕРЕНИЕ» (16+)
12.30 ПАТРУЛЬНЫЙ УЧАСТОК. НА ДОРОГАХ 16+
13.00 НАСЛЕДНИКИ УРАРТУ 16+
13.15 «НЕДЕЛЯ УГМК» 16+
13.30 «ПРОКУРАТУРА. НА СТРАЖЕ ЗАКОНА» 16+
13.50 «ПАТРУЛЬНЫЙ УЧАСТОК. ИТОГИ» (16+)
14.20 Д/Ф «66/85» (12+)
15.05 СОБЫТИЯ. ИТОГИ 16+
16.30 «РЕЦЕПТ» (16+)
17.00 ХОККЕЙ. КУБОК ГАГАРИНА. КОНФЕРЕНЦИЯ «ВОСТОК». 1/2 ФИНАЛА С УЧАСТИЕМ «АВТОМОБИЛИСТ». 2-Я ИГРА
19.30 «СДЕЛАНО В СССР» 12+
20.30 Д/Ф «66/85» (12+)
21.00 СОБЫТИЯ. ИТОГИ 16+
23.00 Х/Ф «ПУТЬ КАРЛИТО» (18+)
01.30 «ЖАРА В ВЕГАСЕ» (12+)
03.50 «ПАРЛАМЕНТСКОЕ ВРЕМЯ» (16+)
5 5 КАНАЛ
4.00 Т/С «ДЕТЕКТИВЫ» (16+)
10.55 Т/С «СЛЕД. УДАР В САМОЕ СЕРДЦЕ» (16+)
11.45 Т/С «СЛЕД. ВСЕ ВКЛЮЧЕНО» (16+)
12.35 Т/С «СЛЕД. ЖИЗНЬ ПОСЛЕ ШОУ» (16+)
13.20 Т/С «СЛЕД. Я ВСЕГДА С ТОБОЙ» (16+)
14.10 Т/С «СЛЕД» (16+)
00.00 «ИЗВЕСТИЯ. ГЛАВНОЕ»
00.55 Т/С «МЕТОД ФРЕЙДА» (16+)
